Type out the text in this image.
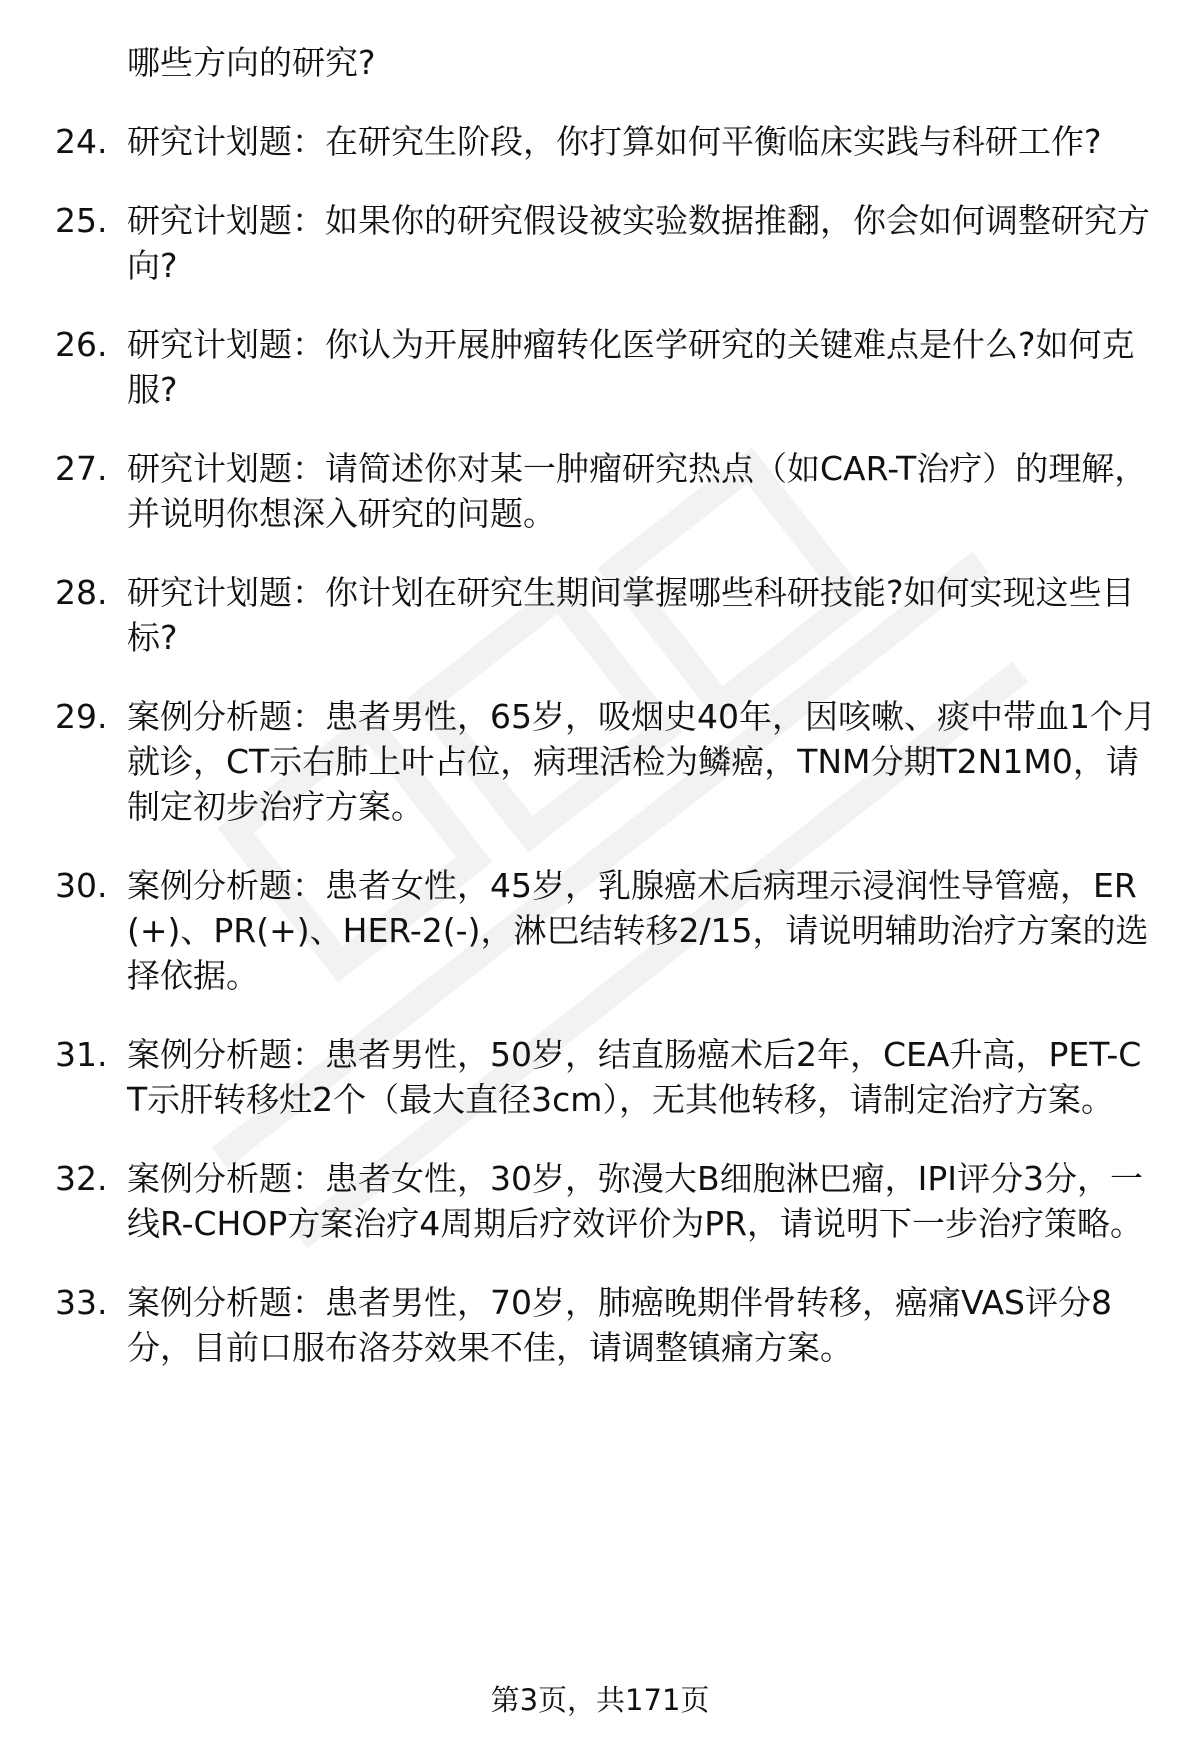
哪些方向的研究?
24. 研究计划题：在研究生阶段，你打算如何平衡临床实践与科研工作?
25. 研究计划题：如果你的研究假设被实验数据推翻，你会如何调整研究方向?
26. 研究计划题：你认为开展肿瘤转化医学研究的关键难点是什么?如何克服?
27. 研究计划题：请简述你对某一肿瘤研究热点（如CAR-T治疗）的理解，并说明你想深入研究的问题。
28. 研究计划题：你计划在研究生期间掌握哪些科研技能?如何实现这些目标?
29. 案例分析题：患者男性，65岁，吸烟史40年，因咳嗽、痰中带血1个月就诊，CT示右肺上叶占位，病理活检为鳞癌，TNM分期T2N1M0，请制定初步治疗方案。
30. 案例分析题：患者女性，45岁，乳腺癌术后病理示浸润性导管癌，ER(+)、PR(+)、HER-2(-)，淋巴结转移2/15，请说明辅助治疗方案的选择依据。
31. 案例分析题：患者男性，50岁，结直肠癌术后2年，CEA升高，PET-CT示肝转移灶2个（最大直径3cm），无其他转移，请制定治疗方案。
32. 案例分析题：患者女性，30岁，弥漫大B细胞淋巴瘤，IPI评分3分，一线R-CHOP方案治疗4周期后疗效评价为PR，请说明下一步治疗策略。
33. 案例分析题：患者男性，70岁，肺癌晚期伴骨转移，癌痛VAS评分8分，目前口服布洛芬效果不佳，请调整镇痛方案。
第3页，共171页
